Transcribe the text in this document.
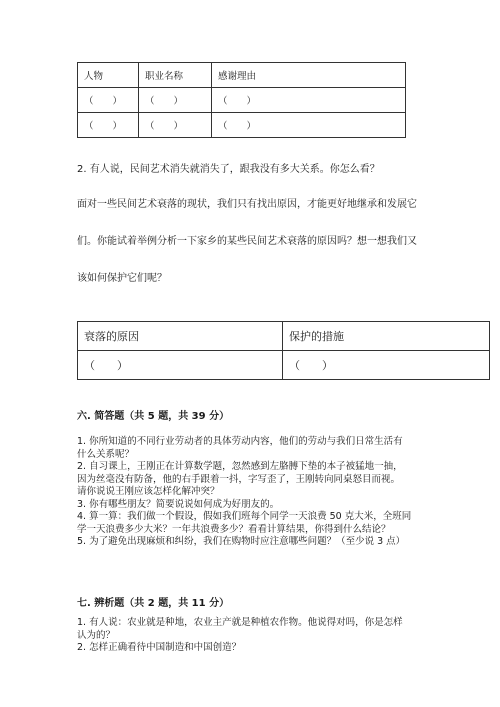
人物	职业名称	感谢理由
（　　）	（　　）	（　　）
（　　）	（　　）	（　　）
2. 有人说，民间艺术消失就消失了，跟我没有多大关系。你怎么看？
面对一些民间艺术衰落的现状，我们只有找出原因，才能更好地继承和发展它
们。你能试着举例分析一下家乡的某些民间艺术衰落的原因吗？想一想我们又
该如何保护它们呢？
衰落的原因	保护的措施
（　　）	（　　）
六. 简答题（共 5 题，共 39 分）
1. 你所知道的不同行业劳动者的具体劳动内容，他们的劳动与我们日常生活有
什么关系呢？
2. 自习课上，王刚正在计算数学题，忽然感到左胳膊下垫的本子被猛地一抽，
因为丝毫没有防备，他的右手跟着一抖，字写歪了，王刚转向同桌怒目而视。
请你说说王刚应该怎样化解冲突？
3. 你有哪些朋友？简要说说如何成为好朋友的。
4. 算一算：我们做一个假设，假如我们班每个同学一天浪费 50 克大米，全班同
学一天浪费多少大米？一年共浪费多少？看看计算结果，你得到什么结论？
5. 为了避免出现麻烦和纠纷，我们在购物时应注意哪些问题？（至少说 3 点）
七. 辨析题（共 2 题，共 11 分）
1. 有人说：农业就是种地，农业主产就是种植农作物。他说得对吗，你是怎样
认为的？
2. 怎样正确看待中国制造和中国创造？
